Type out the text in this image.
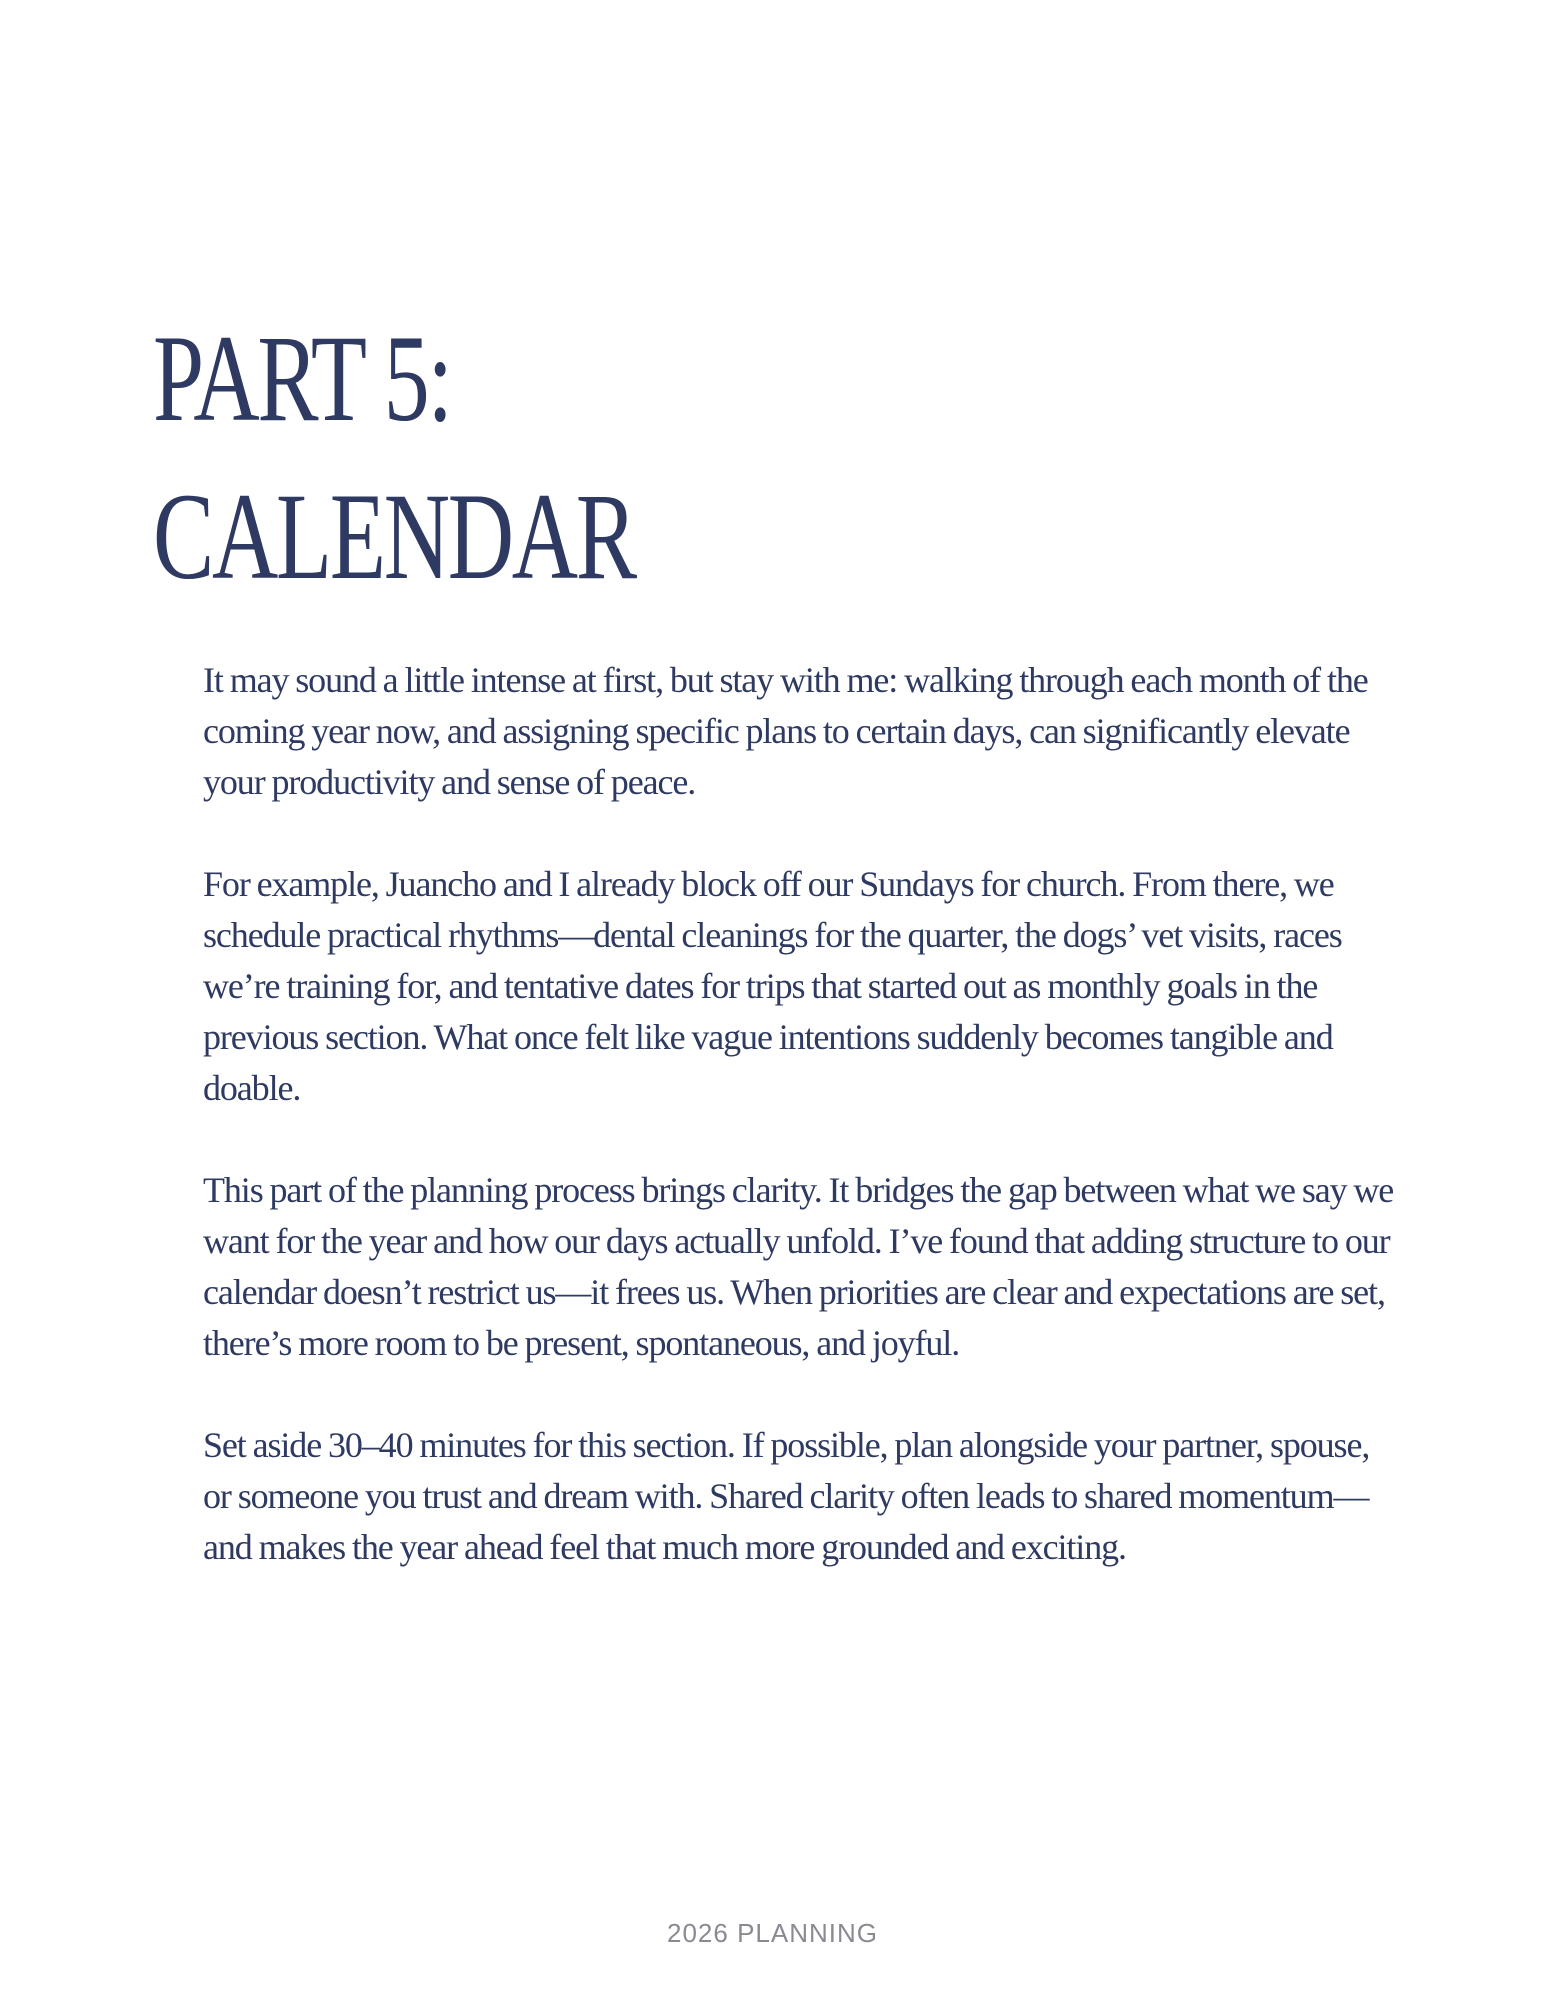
PART 5:
CALENDAR

It may sound a little intense at first, but stay with me: walking through each month of the coming year now, and assigning specific plans to certain days, can significantly elevate your productivity and sense of peace.

For example, Juancho and I already block off our Sundays for church. From there, we schedule practical rhythms—dental cleanings for the quarter, the dogs’ vet visits, races we’re training for, and tentative dates for trips that started out as monthly goals in the previous section. What once felt like vague intentions suddenly becomes tangible and doable.

This part of the planning process brings clarity. It bridges the gap between what we say we want for the year and how our days actually unfold. I’ve found that adding structure to our calendar doesn’t restrict us—it frees us. When priorities are clear and expectations are set, there’s more room to be present, spontaneous, and joyful.

Set aside 30–40 minutes for this section. If possible, plan alongside your partner, spouse, or someone you trust and dream with. Shared clarity often leads to shared momentum—and makes the year ahead feel that much more grounded and exciting.

2026 PLANNING
